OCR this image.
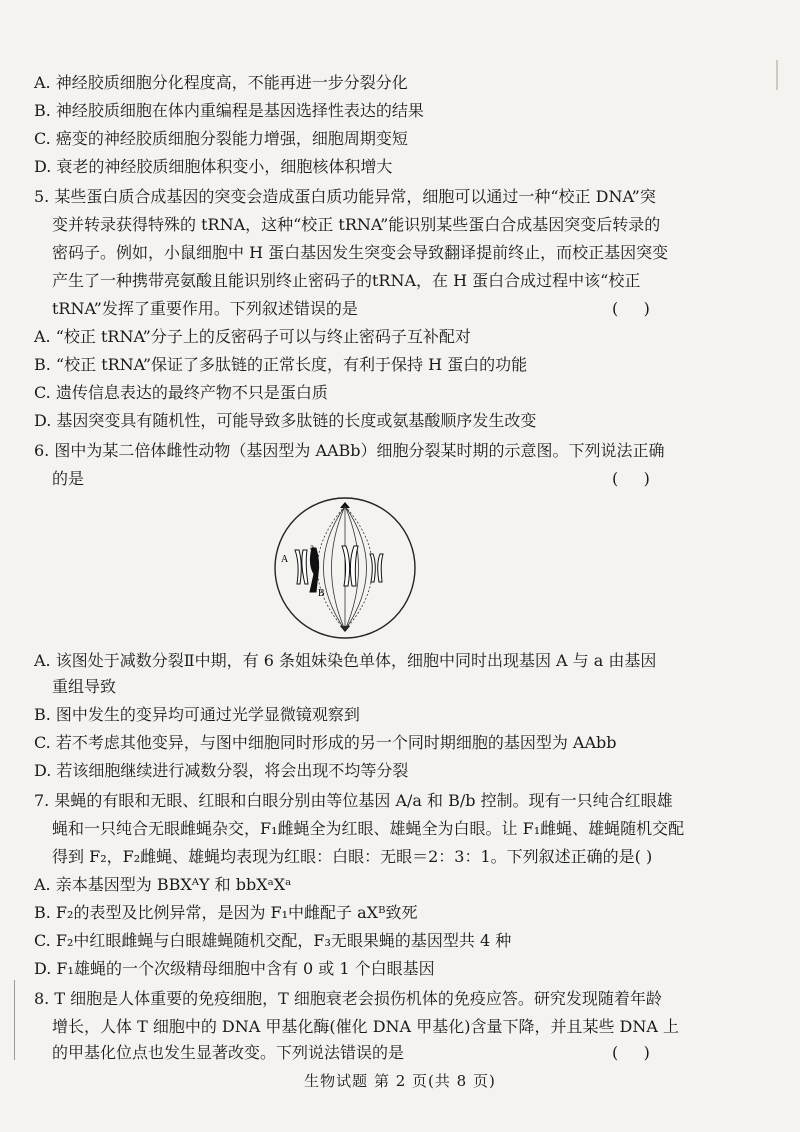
A. 神经胶质细胞分化程度高，不能再进一步分裂分化
B. 神经胶质细胞在体内重编程是基因选择性表达的结果
C. 癌变的神经胶质细胞分裂能力增强，细胞周期变短
D. 衰老的神经胶质细胞体积变小，细胞核体积增大
5. 某些蛋白质合成基因的突变会造成蛋白质功能异常，细胞可以通过一种“校正 DNA”突
变并转录获得特殊的 tRNA，这种“校正 tRNA”能识别某些蛋白合成基因突变后转录的
密码子。例如，小鼠细胞中 H 蛋白基因发生突变会导致翻译提前终止，而校正基因突变
产生了一种携带亮氨酸且能识别终止密码子的tRNA，在 H 蛋白合成过程中该“校正
tRNA”发挥了重要作用。下列叙述错误的是	(     )
A. “校正 tRNA”分子上的反密码子可以与终止密码子互补配对
B. “校正 tRNA”保证了多肽链的正常长度，有利于保持 H 蛋白的功能
C. 遗传信息表达的最终产物不只是蛋白质
D. 基因突变具有随机性，可能导致多肽链的长度或氨基酸顺序发生改变
6. 图中为某二倍体雌性动物（基因型为 AABb）细胞分裂某时期的示意图。下列说法正确
的是	(     )
A
a
B
A. 该图处于减数分裂Ⅱ中期，有 6 条姐妹染色单体，细胞中同时出现基因 A 与 a 由基因
重组导致
B. 图中发生的变异均可通过光学显微镜观察到
C. 若不考虑其他变异，与图中细胞同时形成的另一个同时期细胞的基因型为 AAbb
D. 若该细胞继续进行减数分裂，将会出现不均等分裂
7. 果蝇的有眼和无眼、红眼和白眼分别由等位基因 A/a 和 B/b 控制。现有一只纯合红眼雄
蝇和一只纯合无眼雌蝇杂交，F₁雌蝇全为红眼、雄蝇全为白眼。让 F₁雌蝇、雄蝇随机交配
得到 F₂，F₂雌蝇、雄蝇均表现为红眼：白眼：无眼＝2：3：1。下列叙述正确的是( )
A. 亲本基因型为 BBXᴬY 和 bbXᵃXᵃ
B. F₂的表型及比例异常，是因为 F₁中雌配子 aXᴮ致死
C. F₂中红眼雌蝇与白眼雄蝇随机交配，F₃无眼果蝇的基因型共 4 种
D. F₁雄蝇的一个次级精母细胞中含有 0 或 1 个白眼基因
8. T 细胞是人体重要的免疫细胞，T 细胞衰老会损伤机体的免疫应答。研究发现随着年龄
增长，人体 T 细胞中的 DNA 甲基化酶(催化 DNA 甲基化)含量下降，并且某些 DNA 上
的甲基化位点也发生显著改变。下列说法错误的是	(     )
生物试题 第 2 页(共 8 页)
